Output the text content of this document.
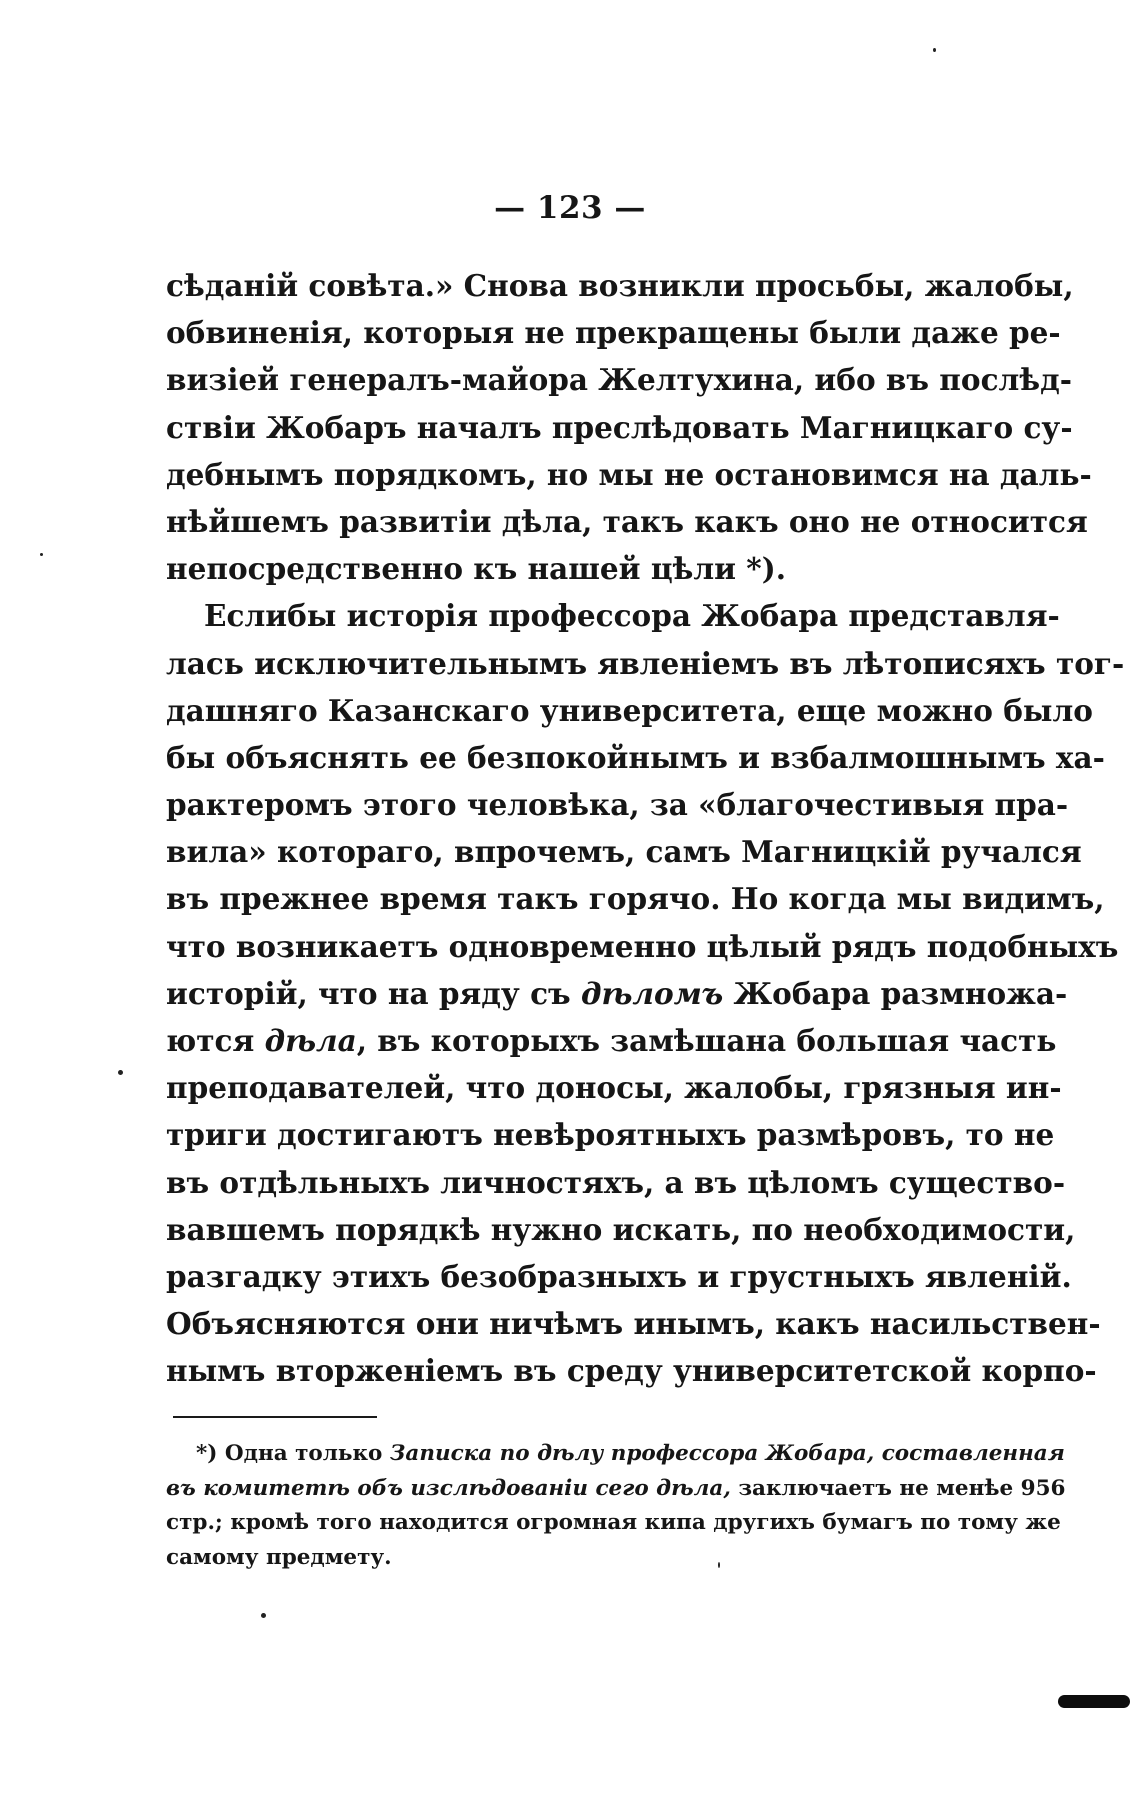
— 123 —
сѣданій совѣта.» Снова возникли просьбы, жалобы,
обвиненія, которыя не прекращены были даже ре-
визіей генералъ-майора Желтухина, ибо въ послѣд-
ствіи Жобаръ началъ преслѣдовать Магницкаго су-
дебнымъ порядкомъ, но мы не остановимся на даль-
нѣйшемъ развитіи дѣла, такъ какъ оно не относится
непосредственно къ нашей цѣли *).
Еслибы исторія профессора Жобара представля-
лась исключительнымъ явленіемъ въ лѣтописяхъ тог-
дашняго Казанскаго университета, еще можно было
бы объяснять ее безпокойнымъ и взбалмошнымъ ха-
рактеромъ этого человѣка, за «благочестивыя пра-
вила» котораго, впрочемъ, самъ Магницкій ручался
въ прежнее время такъ горячо. Но когда мы видимъ,
что возникаетъ одновременно цѣлый рядъ подобныхъ
исторій, что на ряду съ дѣломъ Жобара размножа-
ются дѣла, въ которыхъ замѣшана большая часть
преподавателей, что доносы, жалобы, грязныя ин-
триги достигаютъ невѣроятныхъ размѣровъ, то не
въ отдѣльныхъ личностяхъ, а въ цѣломъ существо-
вавшемъ порядкѣ нужно искать, по необходимости,
разгадку этихъ безобразныхъ и грустныхъ явленій.
Объясняются они ничѣмъ инымъ, какъ насильствен-
нымъ вторженіемъ въ среду университетской корпо-
*) Одна только Записка по дѣлу профессора Жобара, составленная
въ комитетѣ объ изслѣдованіи сего дѣла, заключаетъ не менѣе 956
стр.; кромѣ того находится огромная кипа другихъ бумагъ по тому же
самому предмету.
